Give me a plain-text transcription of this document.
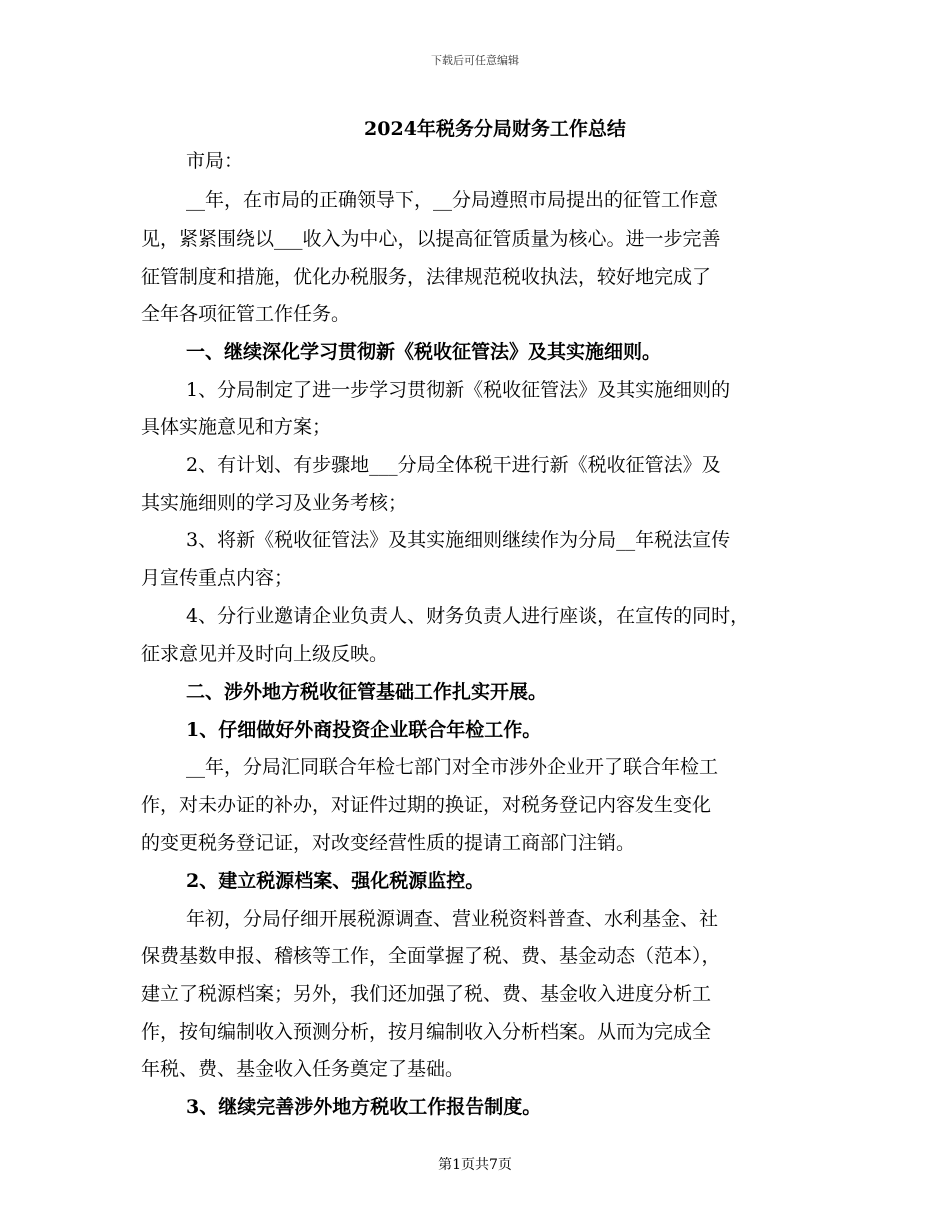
下载后可任意编辑
2024年税务分局财务工作总结
市局：
__年，在市局的正确领导下，__分局遵照市局提出的征管工作意
见，紧紧围绕以___收入为中心，以提高征管质量为核心。进一步完善
征管制度和措施，优化办税服务，法律规范税收执法，较好地完成了
全年各项征管工作任务。
一、继续深化学习贯彻新《税收征管法》及其实施细则。
1、分局制定了进一步学习贯彻新《税收征管法》及其实施细则的
具体实施意见和方案；
2、有计划、有步骤地___分局全体税干进行新《税收征管法》及
其实施细则的学习及业务考核；
3、将新《税收征管法》及其实施细则继续作为分局__年税法宣传
月宣传重点内容；
4、分行业邀请企业负责人、财务负责人进行座谈，在宣传的同时，
征求意见并及时向上级反映。
二、涉外地方税收征管基础工作扎实开展。
1、仔细做好外商投资企业联合年检工作。
__年，分局汇同联合年检七部门对全市涉外企业开了联合年检工
作，对未办证的补办，对证件过期的换证，对税务登记内容发生变化
的变更税务登记证，对改变经营性质的提请工商部门注销。
2、建立税源档案、强化税源监控。
年初，分局仔细开展税源调查、营业税资料普查、水利基金、社
保费基数申报、稽核等工作，全面掌握了税、费、基金动态（范本），
建立了税源档案；另外，我们还加强了税、费、基金收入进度分析工
作，按旬编制收入预测分析，按月编制收入分析档案。从而为完成全
年税、费、基金收入任务奠定了基础。
3、继续完善涉外地方税收工作报告制度。
第1页共7页
